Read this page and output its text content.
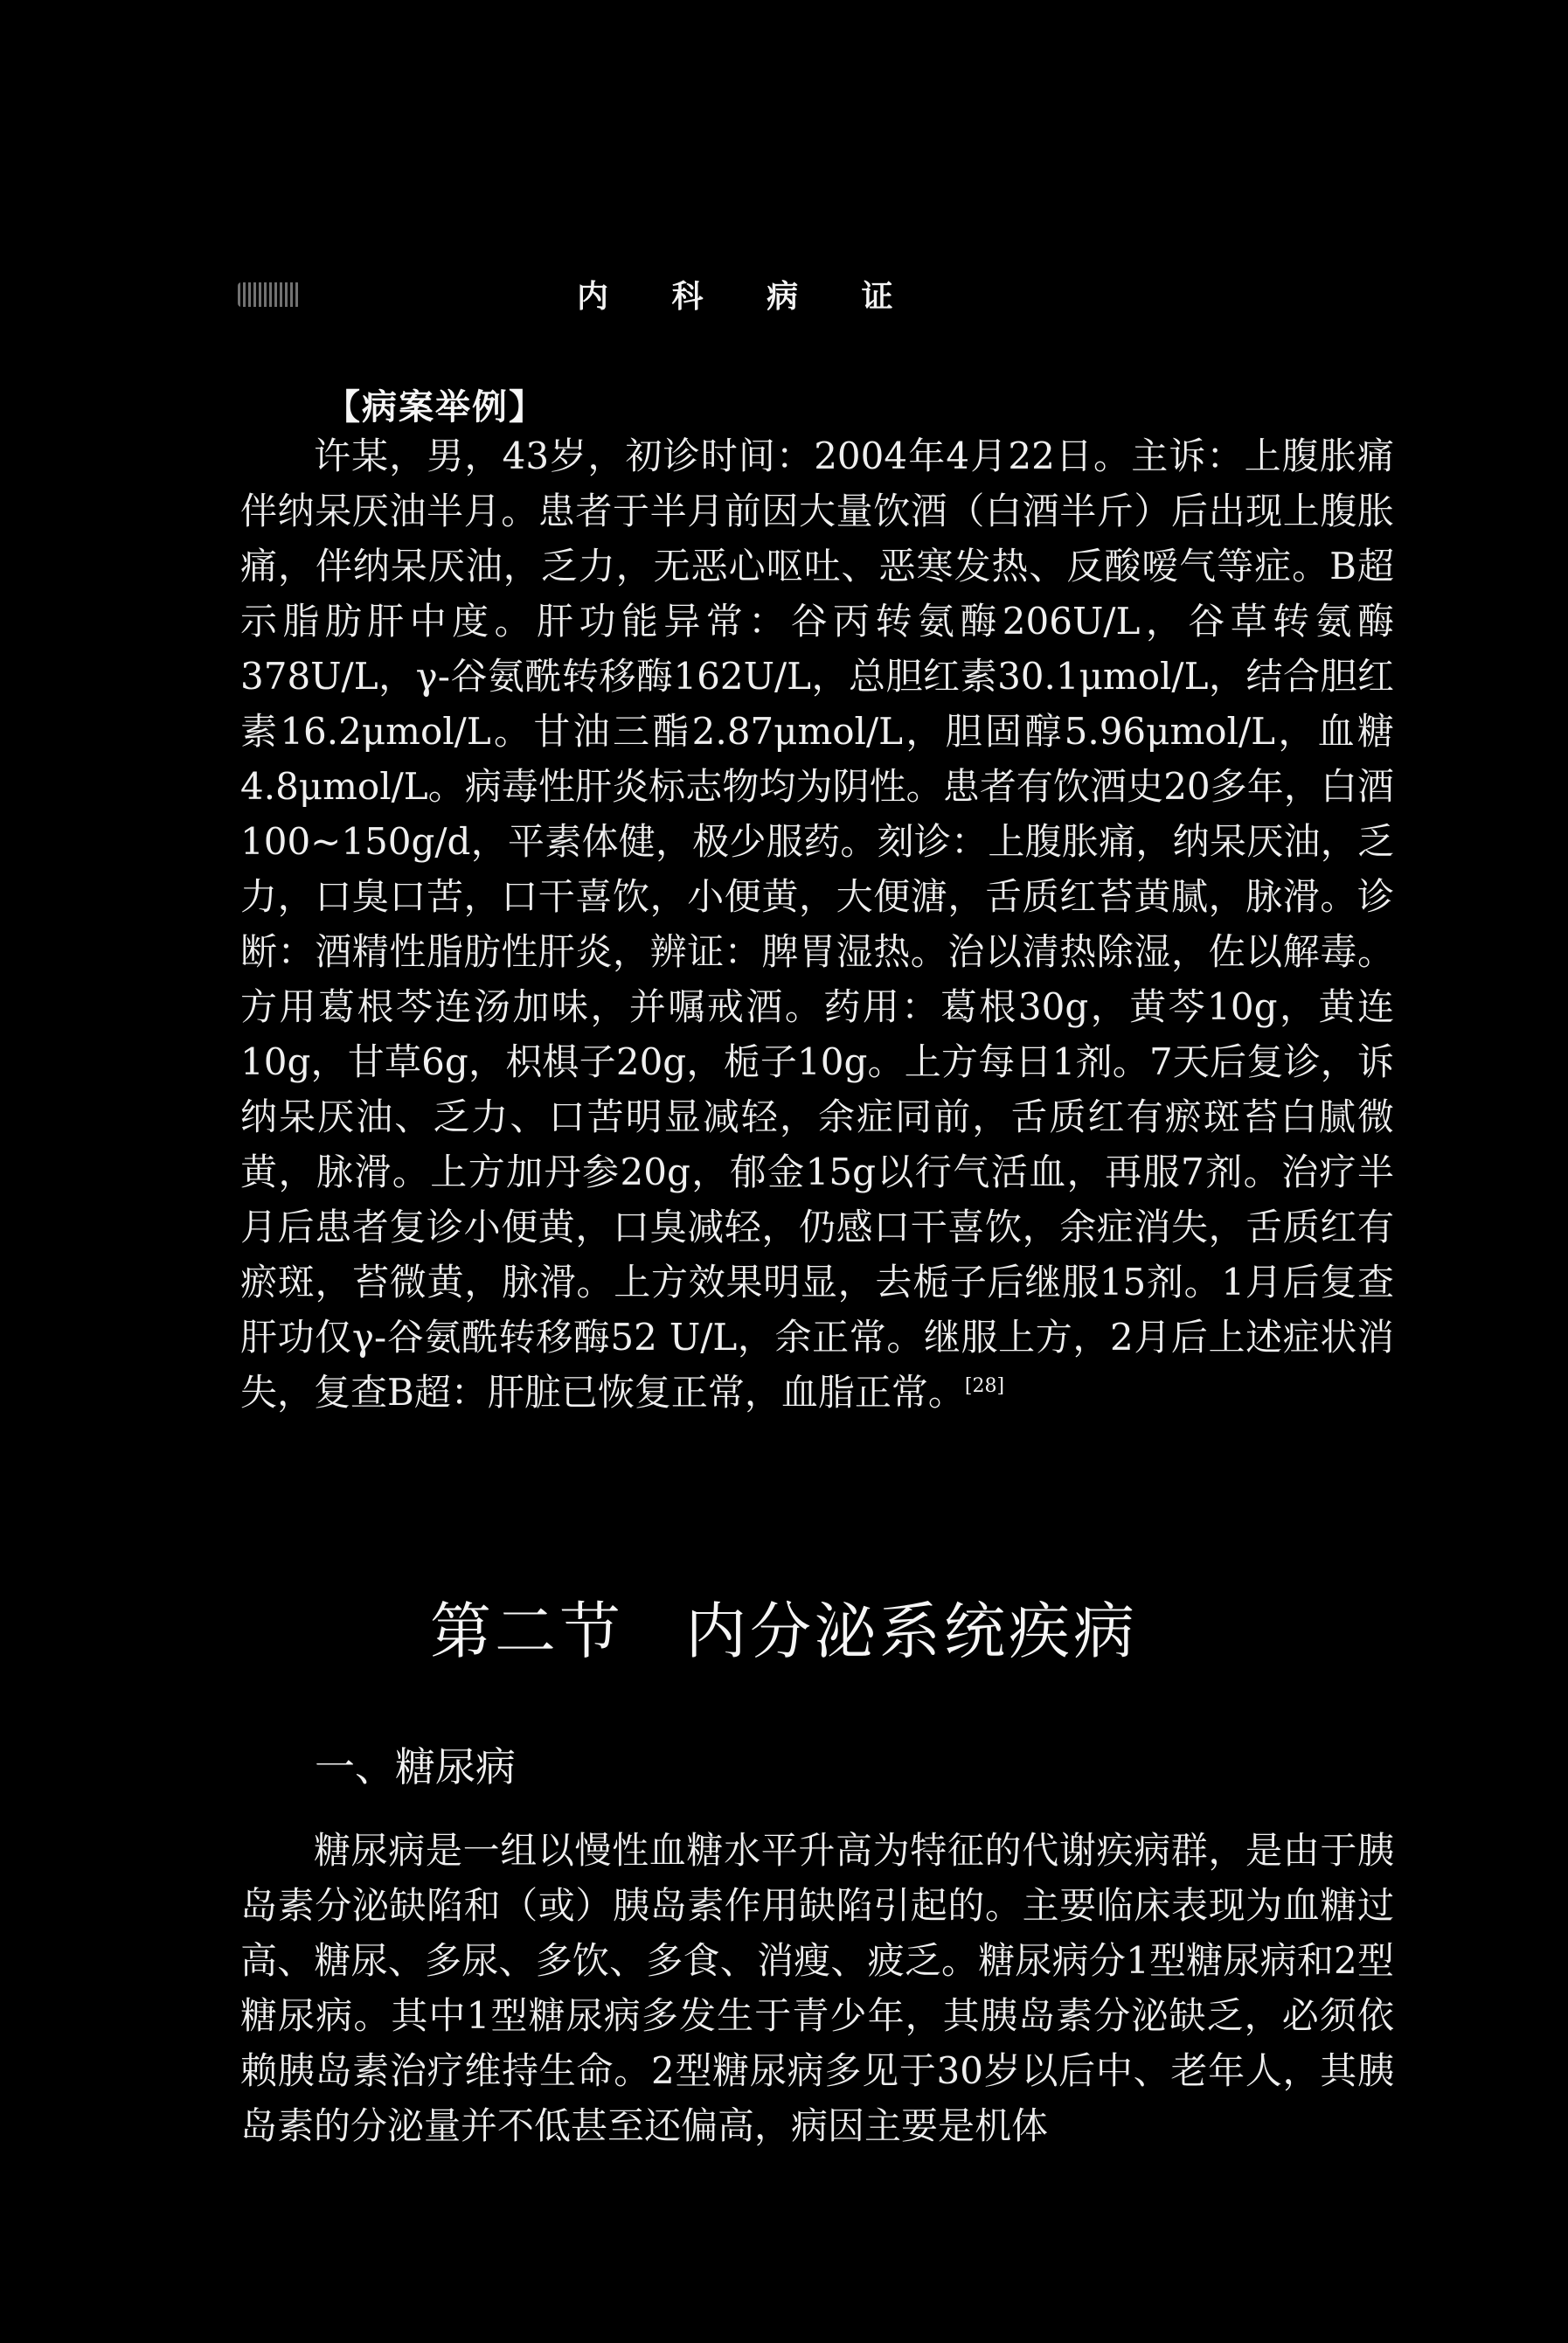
内 科 病 证
【病案举例】

许某，男，43岁，初诊时间：2004年4月22日。主诉：上腹胀痛伴纳呆厌油半月。患者于半月前因大量饮酒（白酒半斤）后出现上腹胀痛，伴纳呆厌油，乏力，无恶心呕吐、恶寒发热、反酸嗳气等症。B超示脂肪肝中度。肝功能异常：谷丙转氨酶206U/L，谷草转氨酶378U/L，γ-谷氨酰转移酶162U/L，总胆红素30.1μmol/L，结合胆红素16.2μmol/L。甘油三酯2.87μmol/L，胆固醇5.96μmol/L，血糖4.8μmol/L。病毒性肝炎标志物均为阴性。患者有饮酒史20多年，白酒100~150g/d，平素体健，极少服药。刻诊：上腹胀痛，纳呆厌油，乏力，口臭口苦，口干喜饮，小便黄，大便溏，舌质红苔黄腻，脉滑。诊断：酒精性脂肪性肝炎，辨证：脾胃湿热。治以清热除湿，佐以解毒。方用葛根芩连汤加味，并嘱戒酒。药用：葛根30g，黄芩10g，黄连10g，甘草6g，枳椇子20g，栀子10g。上方每日1剂。7天后复诊，诉纳呆厌油、乏力、口苦明显减轻，余症同前，舌质红有瘀斑苔白腻微黄，脉滑。上方加丹参20g，郁金15g以行气活血，再服7剂。治疗半月后患者复诊小便黄，口臭减轻，仍感口干喜饮，余症消失，舌质红有瘀斑，苔微黄，脉滑。上方效果明显，去栀子后继服15剂。1月后复查肝功仅γ-谷氨酰转移酶52 U/L，余正常。继服上方，2月后上述症状消失，复查B超：肝脏已恢复正常，血脂正常。[28]

第二节 内分泌系统疾病
一、糖尿病

糖尿病是一组以慢性血糖水平升高为特征的代谢疾病群，是由于胰岛素分泌缺陷和（或）胰岛素作用缺陷引起的。主要临床表现为血糖过高、糖尿、多尿、多饮、多食、消瘦、疲乏。糖尿病分1型糖尿病和2型糖尿病。其中1型糖尿病多发生于青少年，其胰岛素分泌缺乏，必须依赖胰岛素治疗维持生命。2型糖尿病多见于30岁以后中、老年人，其胰岛素的分泌量并不低甚至还偏高，病因主要是机体
